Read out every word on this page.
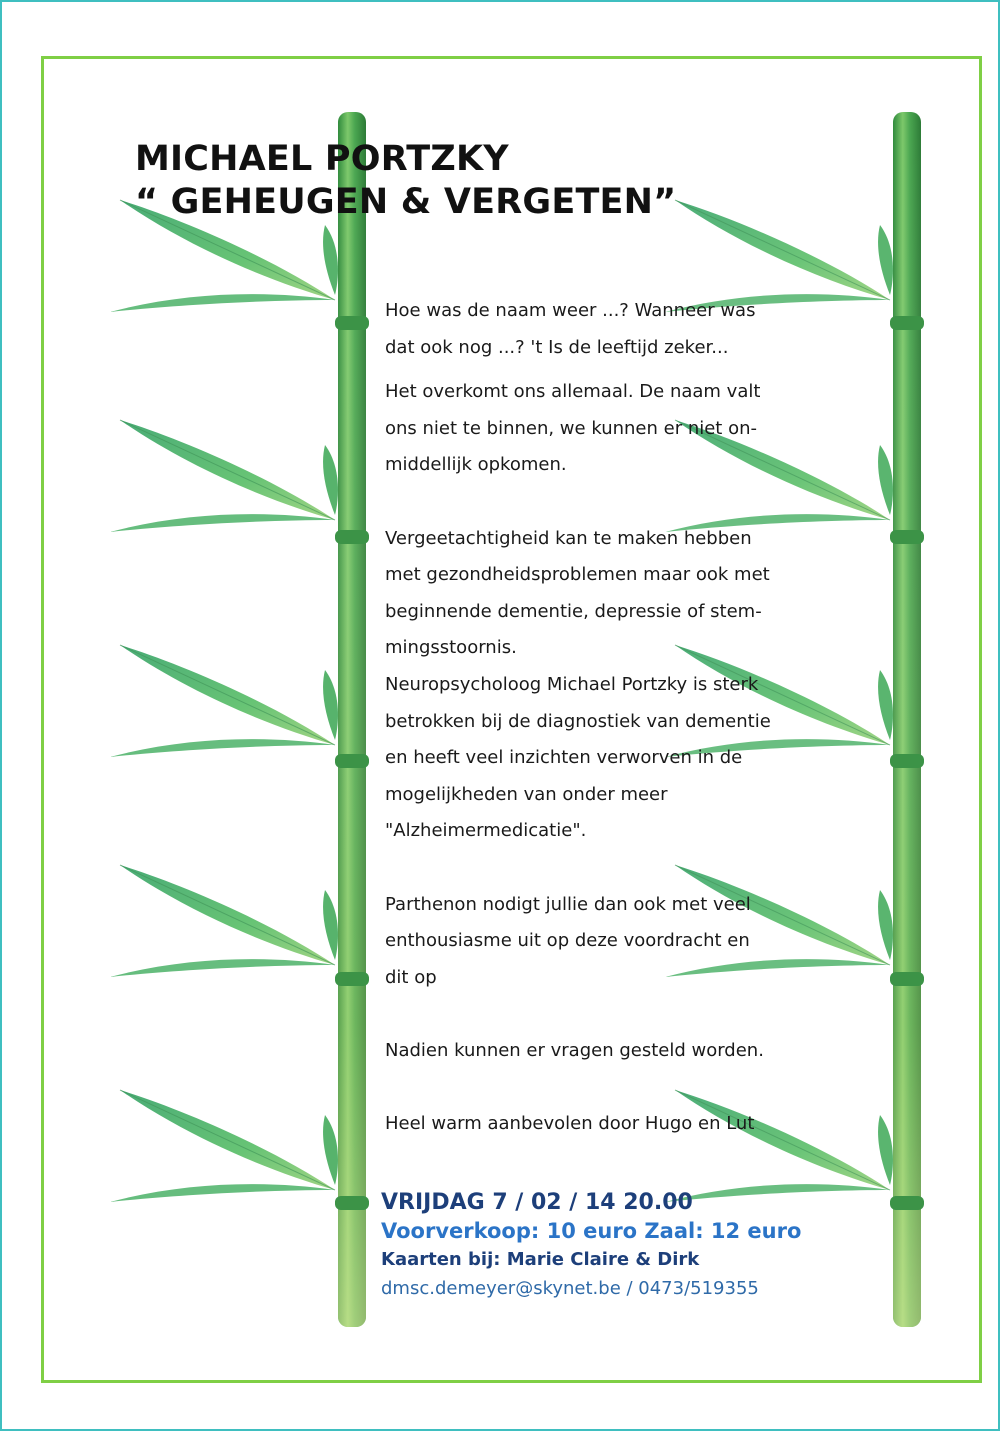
MICHAEL PORTZKY
“ GEHEUGEN & VERGETEN”

Hoe was de naam weer ...? Wanneer was

dat ook nog ...? 't Is de leeftijd zeker...

Het overkomt ons allemaal. De naam valt

ons niet te binnen, we kunnen er niet on-

middellijk opkomen.

Vergeetachtigheid kan te maken hebben

met gezondheidsproblemen maar ook met

beginnende dementie, depressie of stem-

mingsstoornis.

Neuropsycholoog Michael Portzky is sterk

betrokken bij de diagnostiek van dementie

en heeft veel inzichten verworven in de

mogelijkheden van onder meer

"Alzheimermedicatie".

Parthenon nodigt jullie dan ook met veel

enthousiasme uit op deze voordracht en

dit op

Nadien kunnen er vragen gesteld worden.

Heel warm aanbevolen door Hugo en Lut

VRIJDAG 7 / 02 / 14 20.00
Voorverkoop: 10 euro Zaal: 12 euro
Kaarten bij: Marie Claire & Dirk
dmsc.demeyer@skynet.be / 0473/519355
